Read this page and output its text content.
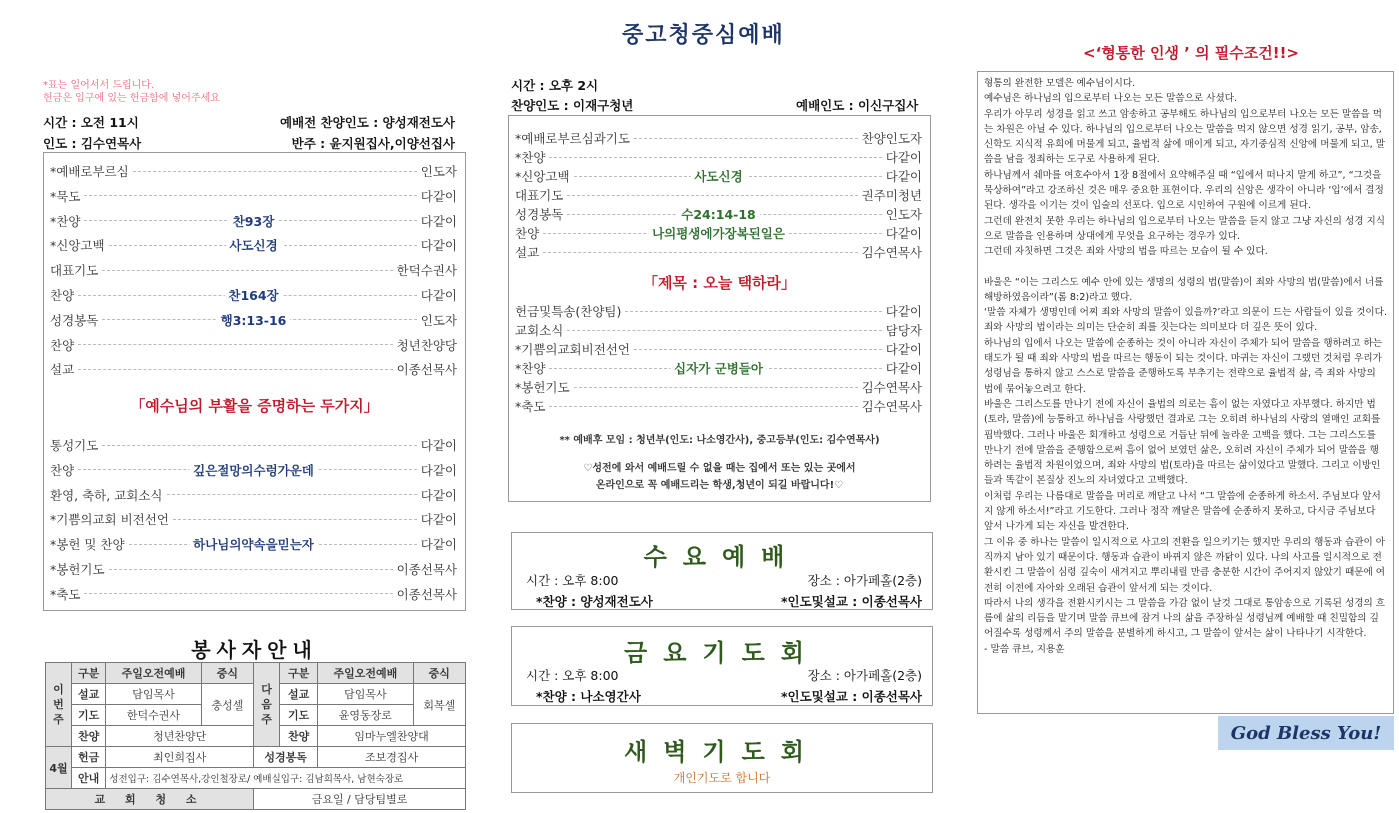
중고청중심예배
*표는 일어서서 드립니다.
헌금은 입구에 있는 헌금함에 넣어주세요
시간 : 오전 11시	예배전 찬양인도 : 양성재전도사
인도 : 김수연목사	반주 : 윤지원집사,이양선집사
*예배로부르심	인도자
*묵도	다같이
*찬양	다같이
찬93장
*신앙고백	다같이
사도신경
대표기도	한덕수권사
찬양	다같이
찬164장
성경봉독	인도자
행3:13-16
찬양	청년찬양당
설교	이종선목사
「예수님의 부활을 증명하는 두가지」
통성기도	다같이
찬양	다같이
깊은절망의수렁가운데
환영, 축하, 교회소식	다같이
*기쁨의교회 비전선언	다같이
*봉헌 및 찬양	다같이
하나님의약속을믿는자
*봉헌기도	이종선목사
*축도	이종선목사
봉사자안내
이번주	구분	주일오전예배	중식	다음주	구분	주일오전예배	중식
	설교	담임목사	충성셀		설교	담임목사	회복셀
	기도	한덕수권사			기도	윤영동장로	
	찬양	청년찬양단			찬양	임마누엘찬양대	
4월	헌금	최인희집사		성경봉독		조보경집사	
	안내	성전입구: 김수연목사,강인철장로/ 예배실입구: 김남희목사, 남현숙장로					
교 회 청 소				금요일 / 담당팀별로			
시간 : 오후 2시
찬양인도 : 이재구청년	예배인도 : 이신구집사
*예배로부르심과기도	찬양인도자
*찬양	다같이
*신앙고백	다같이
사도신경
대표기도	권주미청년
성경봉독	인도자
수24:14-18
찬양	다같이
나의평생에가장복된일은
설교	김수연목사
「제목 : 오늘 택하라」
헌금및특송(찬양팀)	다같이
교회소식	담당자
*기쁨의교회비전선언	다같이
*찬양	다같이
십자가 군병들아
*봉헌기도	김수연목사
*축도	김수연목사
** 예배후 모임 : 청년부(인도: 나소영간사), 중고등부(인도: 김수연목사)
♡성전에 와서 예배드릴 수 없을 때는 집에서 또는 있는 곳에서
온라인으로 꼭 예배드리는 학생,청년이 되길 바랍니다!♡
수요예배
시간 : 오후 8:00	장소 : 아가페홀(2층)
*찬양 : 양성재전도사	*인도및설교 : 이종선목사
금요기도회
시간 : 오후 8:00	장소 : 아가페홀(2층)
*찬양 : 나소영간사	*인도및설교 : 이종선목사
새벽기도회
개인기도로 합니다
<‘형통한 인생 ’ 의 필수조건!!>

형통의 완전한 모델은 예수님이시다.

예수님은 하나님의 입으로부터 나오는 모든 말씀으로 사셨다.

우리가 아무리 성경을 읽고 쓰고 암송하고 공부해도 하나님의 입으로부터 나오는 모든 말씀을 먹는 차원은 아닐 수 있다. 하나님의 입으로부터 나오는 말씀을 먹지 않으면 성경 읽기, 공부, 암송, 신학도 지식적 유희에 머물게 되고, 율법적 삶에 매이게 되고, 자기중심적 신앙에 머물게 되고, 말씀을 남을 정죄하는 도구로 사용하게 된다.

하나님께서 쉐마를 여호수아서 1장 8절에서 요약해주실 때 “입에서 떠나지 말게 하고”, “그것을 묵상하여”라고 강조하신 것은 매우 중요한 표현이다. 우리의 신앙은 생각이 아니라 ‘입’에서 결정된다. 생각을 이기는 것이 입술의 선포다. 입으로 시인하여 구원에 이르게 된다.

그런데 완전치 못한 우리는 하나님의 입으로부터 나오는 말씀을 듣지 않고 그냥 자신의 성경 지식으로 말씀을 인용하며 상대에게 무엇을 요구하는 경우가 있다.

그런데 자칫하면 그것은 죄와 사망의 법을 따르는 모습이 될 수 있다.

바울은 “이는 그리스도 예수 안에 있는 생명의 성령의 법(말씀)이 죄와 사망의 법(말씀)에서 너를 해방하였음이라”(롬 8:2)라고 했다.

‘말씀 자체가 생명인데 어찌 죄와 사망의 말씀이 있을까?’라고 의문이 드는 사람들이 있을 것이다.

죄와 사망의 법이라는 의미는 단순히 죄를 짓는다는 의미보다 더 깊은 뜻이 있다.

하나님의 입에서 나오는 말씀에 순종하는 것이 아니라 자신이 주체가 되어 말씀을 행하려고 하는 태도가 될 때 죄와 사망의 법을 따르는 행동이 되는 것이다. 마귀는 자신이 그랬던 것처럼 우리가 성령님을 통하지 않고 스스로 말씀을 준행하도록 부추기는 전략으로 율법적 삶, 즉 죄와 사망의 법에 묶어놓으려고 한다.

바울은 그리스도를 만나기 전에 자신이 율법의 의로는 흠이 없는 자였다고 자부했다. 하지만 법(토라, 말씀)에 능통하고 하나님을 사랑했던 결과로 그는 오히려 하나님의 사랑의 열매인 교회를 핍박했다. 그러나 바울은 회개하고 성령으로 거듭난 뒤에 놀라운 고백을 했다. 그는 그리스도를 만나기 전에 말씀을 준행함으로써 흠이 없어 보였던 삶은, 오히려 자신이 주체가 되어 말씀을 행하려는 율법적 차원이었으며, 죄와 사망의 법(토라)을 따르는 삶이었다고 말했다. 그리고 이방인들과 똑같이 본질상 진노의 자녀였다고 고백했다.

이처럼 우리는 나름대로 말씀을 머리로 깨닫고 나서 “그 말씀에 순종하게 하소서. 주님보다 앞서지 않게 하소서!”라고 기도한다. 그러나 정작 깨달은 말씀에 순종하지 못하고, 다시금 주님보다 앞서 나가게 되는 자신을 발견한다.

그 이유 중 하나는 말씀이 일시적으로 사고의 전환을 일으키기는 했지만 우리의 행동과 습관이 아직까지 남아 있기 때문이다. 행동과 습관이 바뀌지 않은 까닭이 있다. 나의 사고를 일시적으로 전환시킨 그 말씀이 심령 깊숙이 새겨지고 뿌리내릴 만큼 충분한 시간이 주어지지 않았기 때문에 여전히 이전에 자아와 오래된 습관이 앞서게 되는 것이다.

따라서 나의 생각을 전환시키시는 그 말씀을 가감 없이 날것 그대로 통암송으로 기록된 성경의 흐름에 삶의 리듬을 맡기며 말씀 큐브에 잠겨 나의 삶을 주장하실 성령님께 예배할 때 친밀함의 깊어질수록 성령께서 주의 말씀을 분별하게 하시고, 그 말씀이 앞서는 삶이 나타나기 시작한다.

- 말씀 큐브, 지용훈

God Bless You!
